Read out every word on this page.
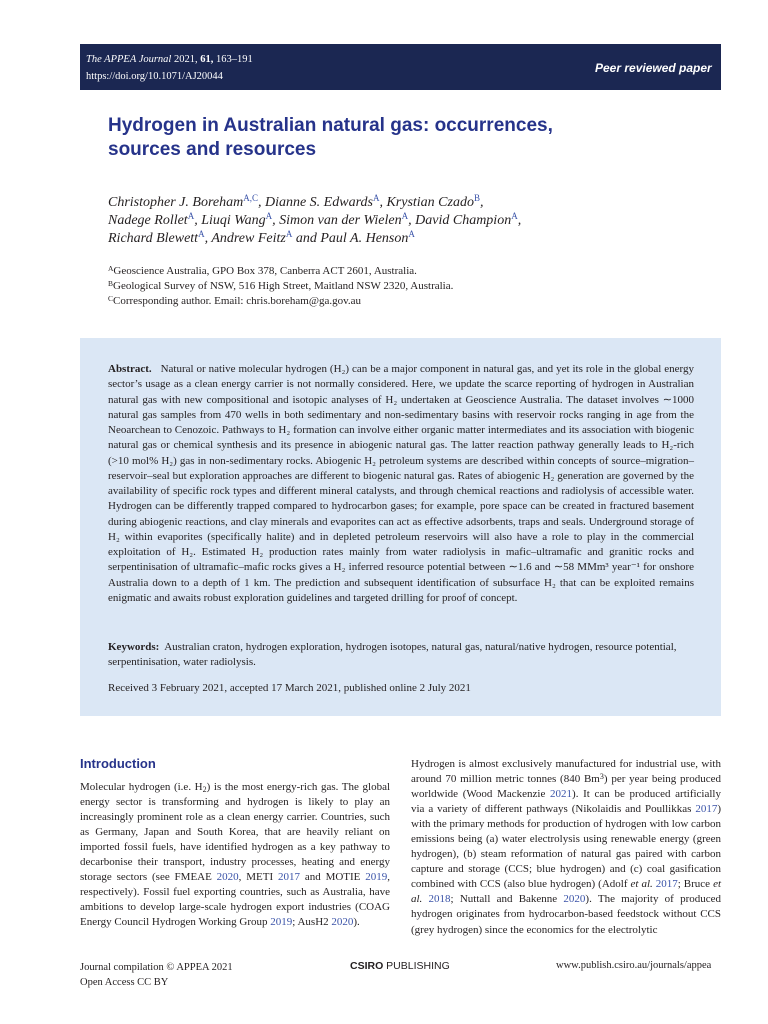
The APPEA Journal 2021, 61, 163–191
https://doi.org/10.1071/AJ20044
Peer reviewed paper
Hydrogen in Australian natural gas: occurrences,
sources and resources
Christopher J. Boreham$^{A,C}$, Dianne S. Edwards$^A$, Krystian Czado$^B$,
Nadege Rollet$^A$, Liuqi Wang$^A$, Simon van der Wielen$^A$, David Champion$^A$,
Richard Blewett$^A$, Andrew Feitz$^A$ and Paul A. Henson$^A$
$^A$Geoscience Australia, GPO Box 378, Canberra ACT 2601, Australia.
$^B$Geological Survey of NSW, 516 High Street, Maitland NSW 2320, Australia.
$^C$Corresponding author. Email: chris.boreham@ga.gov.au
Abstract. Natural or native molecular hydrogen (H₂) can be a major component in natural gas, and yet its role in the global energy sector’s usage as a clean energy carrier is not normally considered. Here, we update the scarce reporting of hydrogen in Australian natural gas with new compositional and isotopic analyses of H₂ undertaken at Geoscience Australia. The dataset involves ∼1000 natural gas samples from 470 wells in both sedimentary and non-sedimentary basins with reservoir rocks ranging in age from the Neoarchean to Cenozoic. Pathways to H₂ formation can involve either organic matter intermediates and its association with biogenic natural gas or chemical synthesis and its presence in abiogenic natural gas. The latter reaction pathway generally leads to H₂-rich (>10 mol% H₂) gas in non-sedimentary rocks. Abiogenic H₂ petroleum systems are described within concepts of source–migration–reservoir–seal but exploration approaches are different to biogenic natural gas. Rates of abiogenic H₂ generation are governed by the availability of specific rock types and different mineral catalysts, and through chemical reactions and radiolysis of accessible water. Hydrogen can be differently trapped compared to hydrocarbon gases; for example, pore space can be created in fractured basement during abiogenic reactions, and clay minerals and evaporites can act as effective adsorbents, traps and seals. Underground storage of H₂ within evaporites (specifically halite) and in depleted petroleum reservoirs will also have a role to play in the commercial exploitation of H₂. Estimated H₂ production rates mainly from water radiolysis in mafic–ultramafic and granitic rocks and serpentinisation of ultramafic–mafic rocks gives a H₂ inferred resource potential between ∼1.6 and ∼58 MMm³ year⁻¹ for onshore Australia down to a depth of 1 km. The prediction and subsequent identification of subsurface H₂ that can be exploited remains enigmatic and awaits robust exploration guidelines and targeted drilling for proof of concept.
Keywords: Australian craton, hydrogen exploration, hydrogen isotopes, natural gas, natural/native hydrogen, resource potential, serpentinisation, water radiolysis.
Received 3 February 2021, accepted 17 March 2021, published online 2 July 2021
Introduction
Molecular hydrogen (i.e. $H_2$) is the most energy-rich gas. The global energy sector is transforming and hydrogen is likely to play an increasingly prominent role as a clean energy carrier. Countries, such as Germany, Japan and South Korea, that are heavily reliant on imported fossil fuels, have identified hydrogen as a key pathway to decarbonise their transport, industry processes, heating and energy storage sectors (see FMEAE 2020, METI 2017 and MOTIE 2019, respectively). Fossil fuel exporting countries, such as Australia, have ambitions to develop large-scale hydrogen export industries (COAG Energy Council Hydrogen Working Group 2019; AusH2 2020).
Hydrogen is almost exclusively manufactured for industrial use, with around 70 million metric tonnes (840 Bm$^3$) per year being produced worldwide (Wood Mackenzie 2021). It can be produced artificially via a variety of different pathways (Nikolaidis and Poullikkas 2017) with the primary methods for production of hydrogen with low carbon emissions being (a) water electrolysis using renewable energy (green hydrogen), (b) steam reformation of natural gas paired with carbon capture and storage (CCS; blue hydrogen) and (c) coal gasification combined with CCS (also blue hydrogen) (Adolf et al. 2017; Bruce et al. 2018; Nuttall and Bakenne 2020). The majority of produced hydrogen originates from hydrocarbon-based feedstock without CCS (grey hydrogen) since the economics for the electrolytic
Journal compilation © APPEA 2021
Open Access CC BY
CSIRO PUBLISHING	www.publish.csiro.au/journals/appea
